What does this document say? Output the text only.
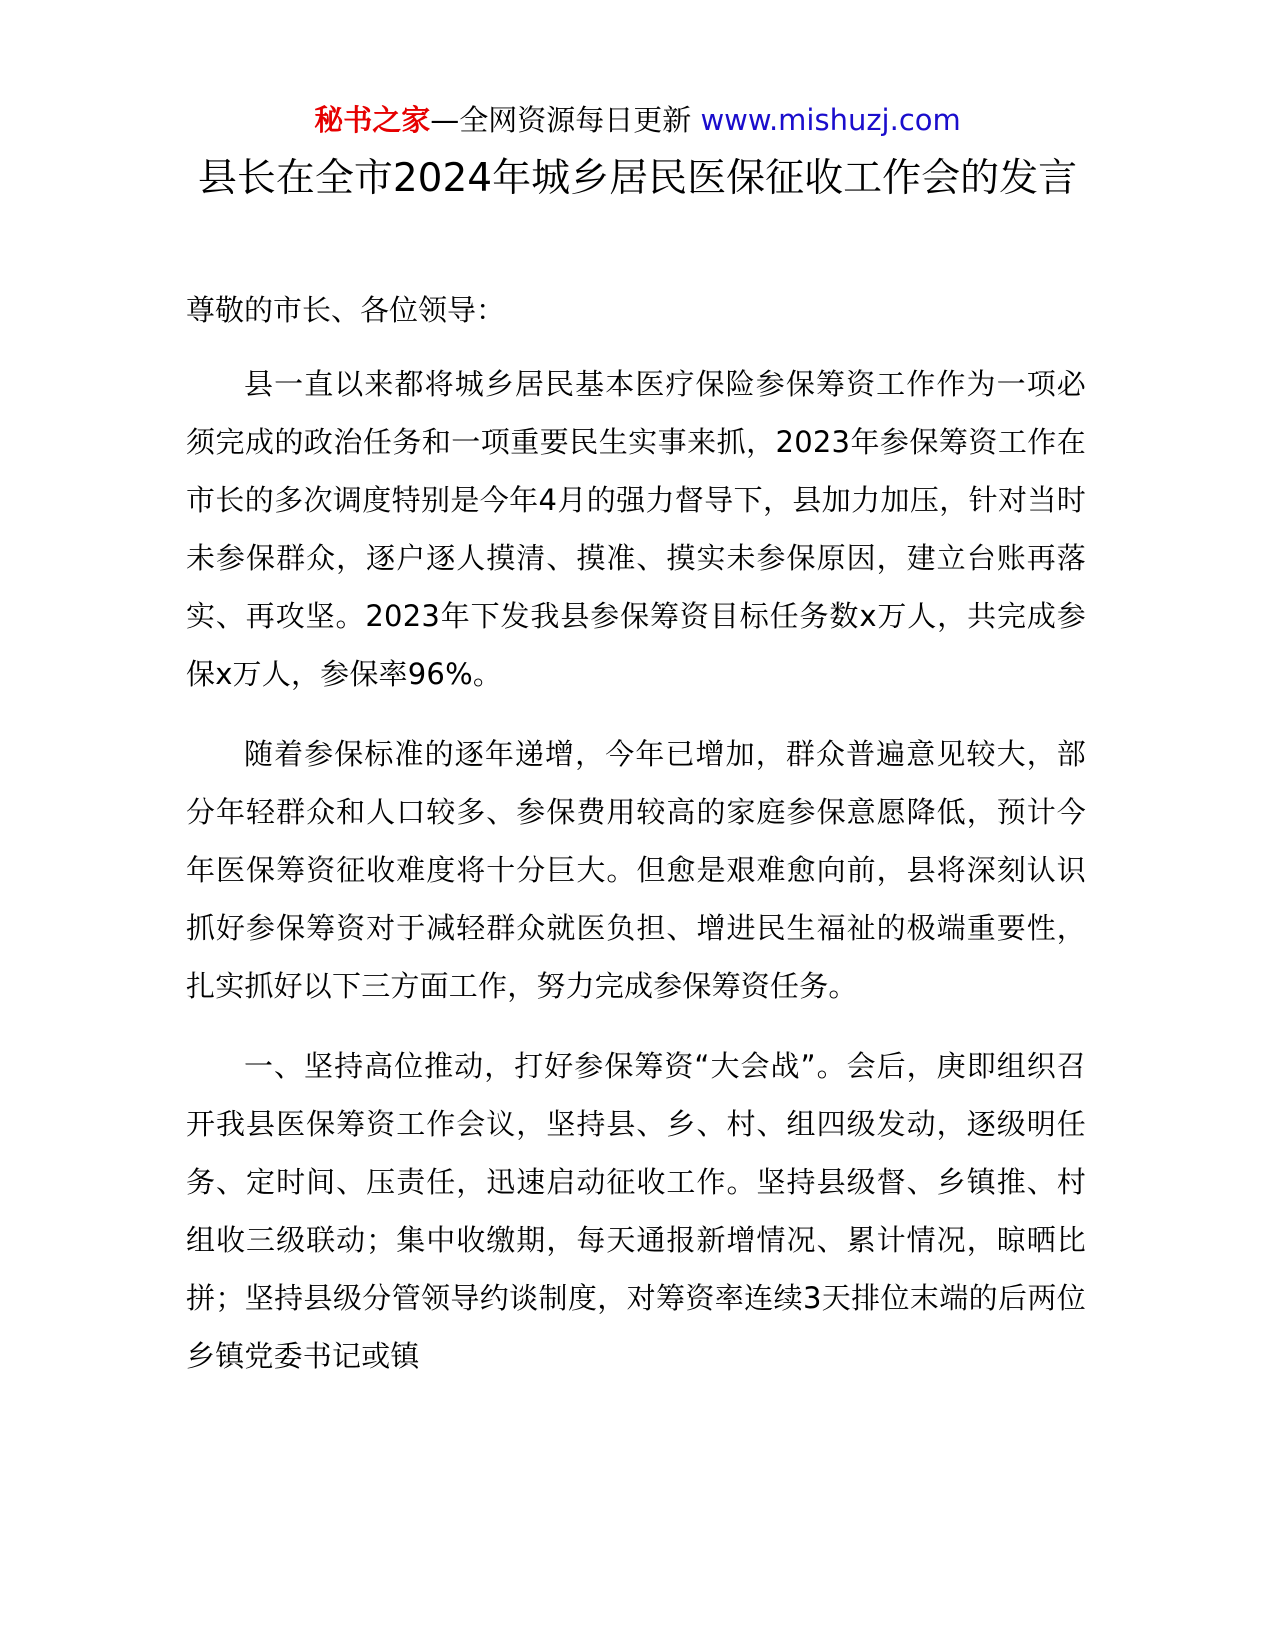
秘书之家—全网资源每日更新 www.mishuzj.com
县长在全市2024年城乡居民医保征收工作会的发言

尊敬的市长、各位领导：

县一直以来都将城乡居民基本医疗保险参保筹资工作作为一项必须完成的政治任务和一项重要民生实事来抓，2023年参保筹资工作在市长的多次调度特别是今年4月的强力督导下，县加力加压，针对当时未参保群众，逐户逐人摸清、摸准、摸实未参保原因，建立台账再落实、再攻坚。2023年下发我县参保筹资目标任务数x万人，共完成参保x万人，参保率96%。

随着参保标准的逐年递增，今年已增加，群众普遍意见较大，部分年轻群众和人口较多、参保费用较高的家庭参保意愿降低，预计今年医保筹资征收难度将十分巨大。但愈是艰难愈向前，县将深刻认识抓好参保筹资对于减轻群众就医负担、增进民生福祉的极端重要性，扎实抓好以下三方面工作，努力完成参保筹资任务。

一、坚持高位推动，打好参保筹资“大会战”。会后，庚即组织召开我县医保筹资工作会议，坚持县、乡、村、组四级发动，逐级明任务、定时间、压责任，迅速启动征收工作。坚持县级督、乡镇推、村组收三级联动；集中收缴期，每天通报新增情况、累计情况，晾晒比拼；坚持县级分管领导约谈制度，对筹资率连续3天排位末端的后两位乡镇党委书记或镇
